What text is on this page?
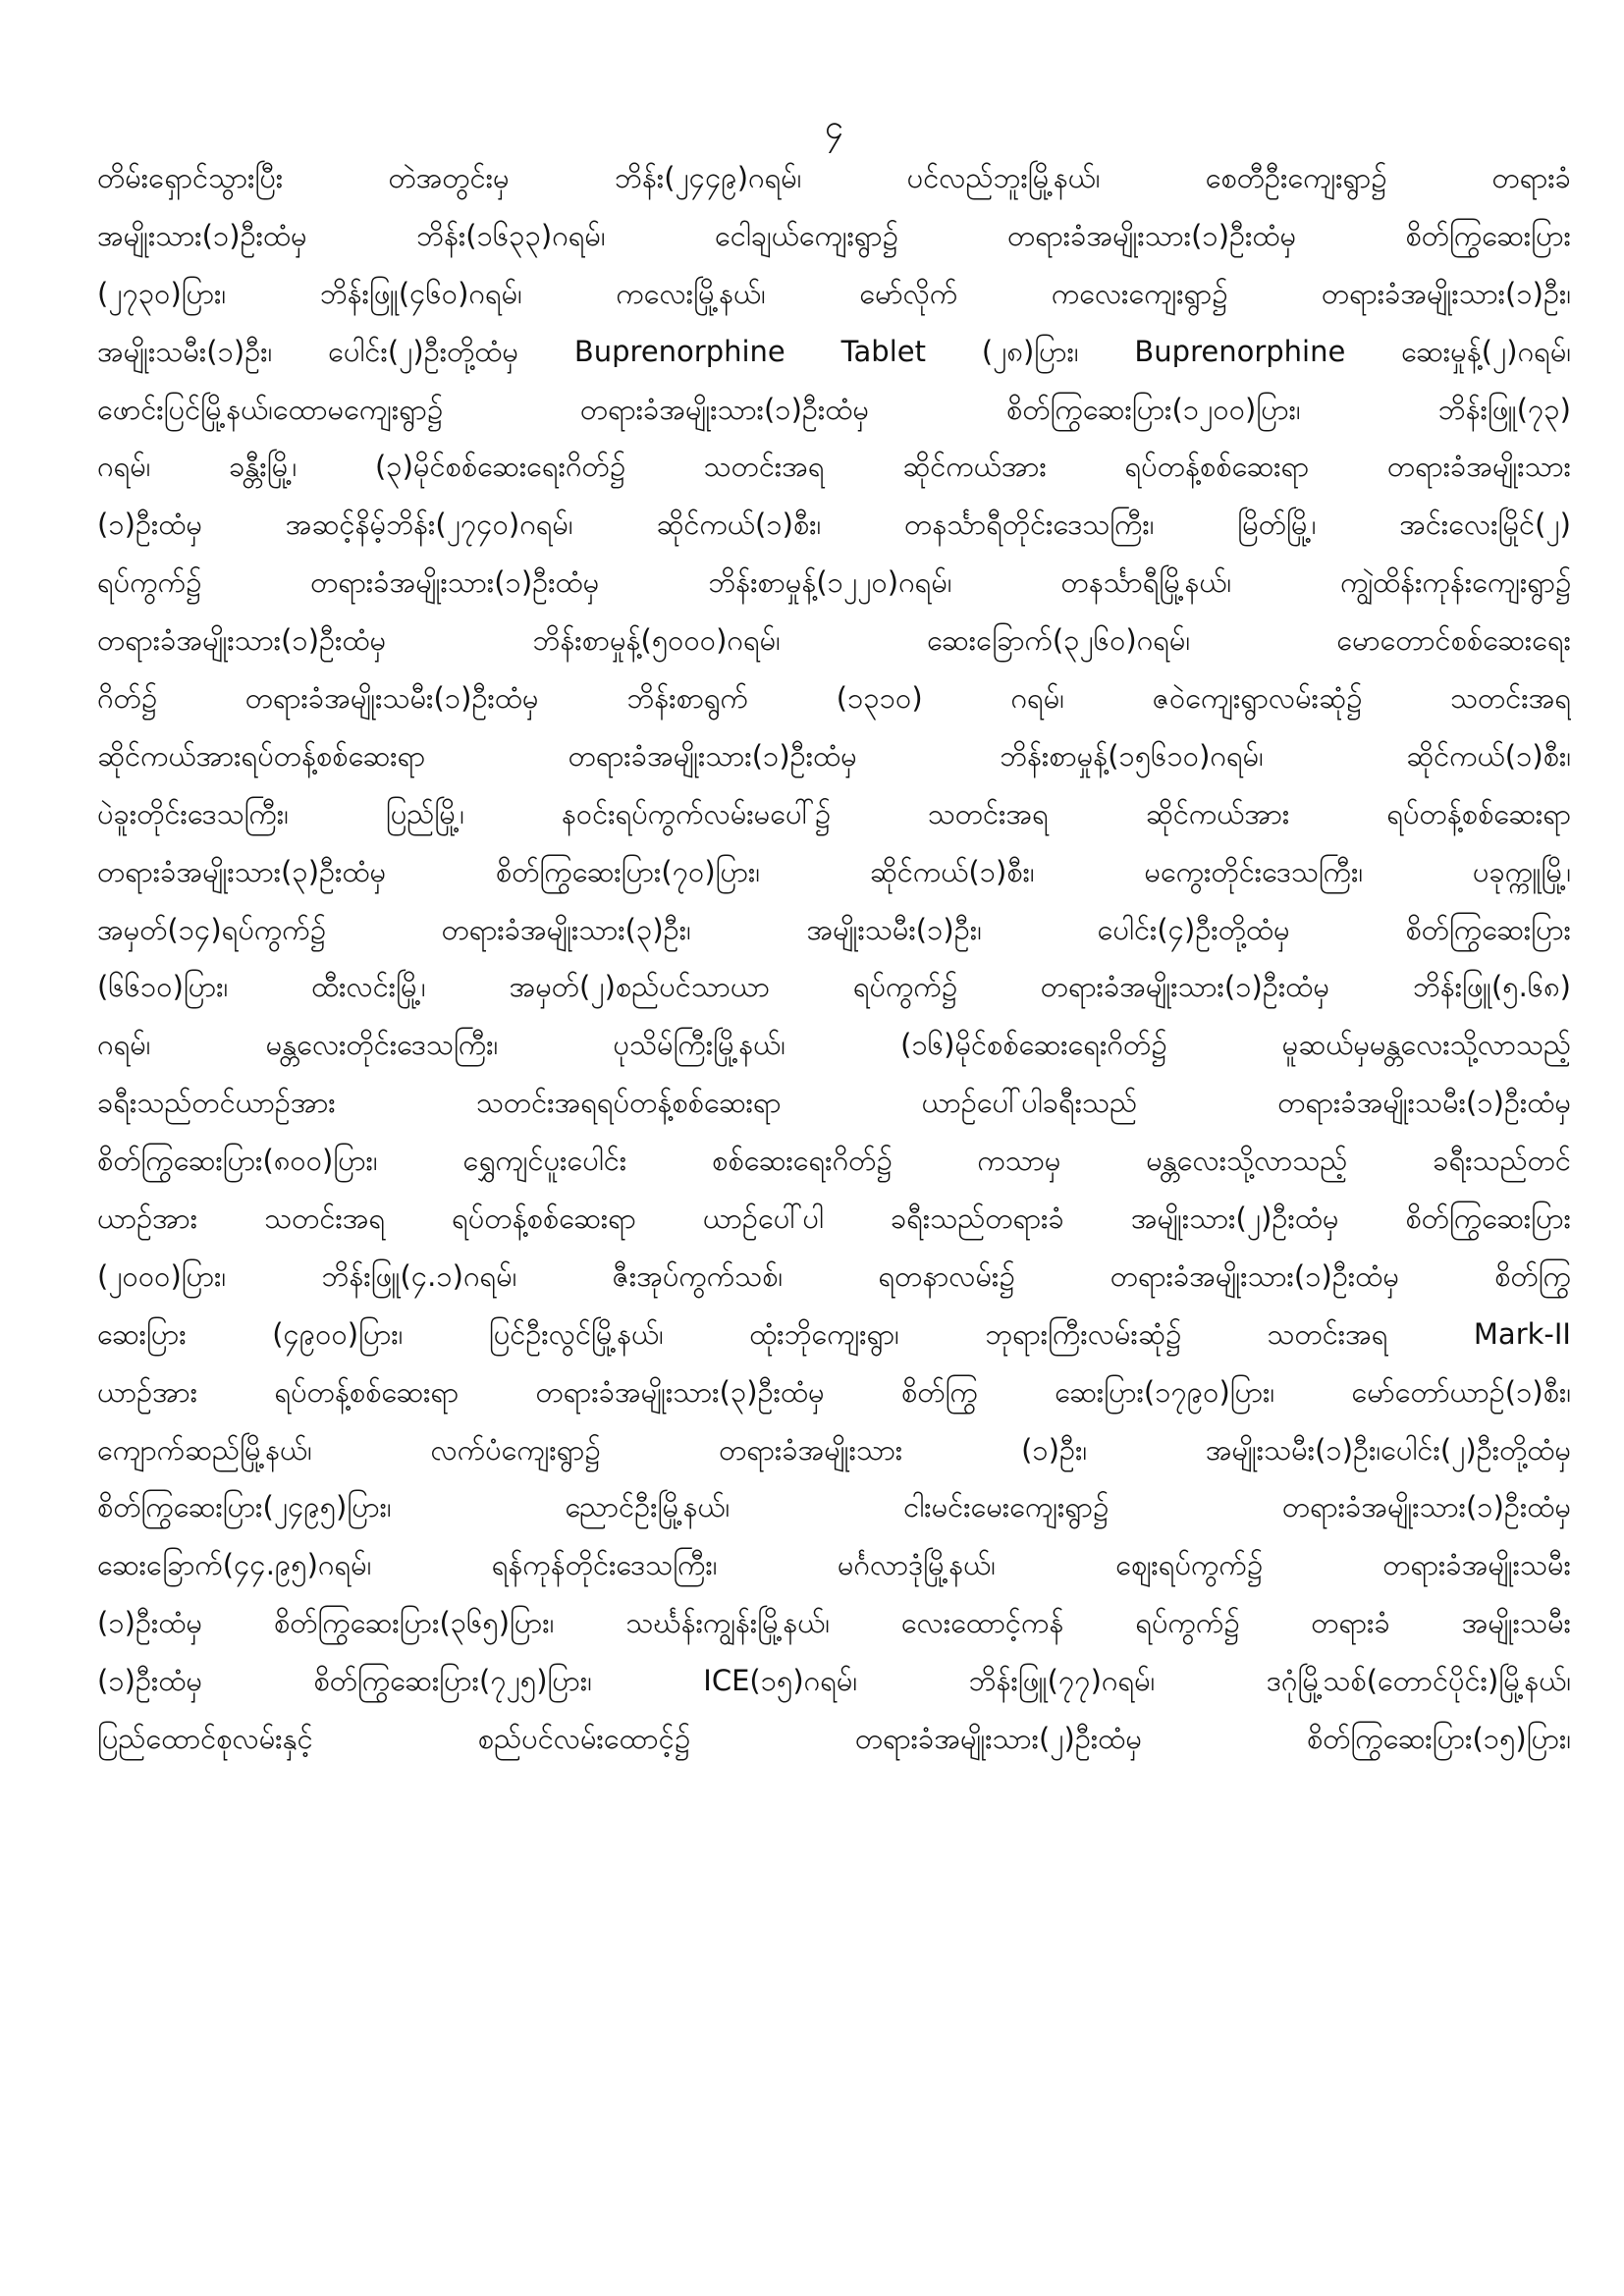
၄
တိမ်းရှောင်သွားပြီး တဲအတွင်းမှ ဘိန်း(၂၄၄၉)ဂရမ်၊ ပင်လည်ဘူးမြို့နယ်၊ စေတီဦးကျေးရွာ၌ တရားခံ
အမျိုးသား(၁)ဦးထံမှ ဘိန်း(၁၆၃၃)ဂရမ်၊ ငေါချယ်ကျေးရွာ၌ တရားခံအမျိုးသား(၁)ဦးထံမှ စိတ်ကြွဆေးပြား
(၂၇၃၀)ပြား၊ ဘိန်းဖြူ(၄၆၀)ဂရမ်၊ ကလေးမြို့နယ်၊ မော်လိုက် ကလေးကျေးရွာ၌ တရားခံအမျိုးသား(၁)ဦး၊
အမျိုးသမီး(၁)ဦး၊ ပေါင်း(၂)ဦးတို့ထံမှ Buprenorphine Tablet (၂၈)ပြား၊ Buprenorphine ဆေးမှုန့်(၂)ဂရမ်၊
ဖောင်းပြင်မြို့နယ်၊ထောမကျေးရွာ၌ တရားခံအမျိုးသား(၁)ဦးထံမှ စိတ်ကြွဆေးပြား(၁၂၀၀)ပြား၊ ဘိန်းဖြူ(၇၃)
ဂရမ်၊ ခန္တီးမြို့၊ (၃)မိုင်စစ်ဆေးရေးဂိတ်၌ သတင်းအရ ဆိုင်ကယ်အား ရပ်တန့်စစ်ဆေးရာ တရားခံအမျိုးသား
(၁)ဦးထံမှ အဆင့်နိမ့်ဘိန်း(၂၇၄၀)ဂရမ်၊ ဆိုင်ကယ်(၁)စီး၊ တနင်္သာရီတိုင်းဒေသကြီး၊ မြိတ်မြို့၊ အင်းလေးမြိုင်(၂)
ရပ်ကွက်၌ တရားခံအမျိုးသား(၁)ဦးထံမှ ဘိန်းစာမှုန့်(၁၂၂၀)ဂရမ်၊ တနင်္သာရီမြို့နယ်၊ ကျွဲထိန်းကုန်းကျေးရွာ၌
တရားခံအမျိုးသား(၁)ဦးထံမှ ဘိန်းစာမှုန့်(၅၀၀၀)ဂရမ်၊ ဆေးခြောက်(၃၂၆၀)ဂရမ်၊ မောတောင်စစ်ဆေးရေး
ဂိတ်၌ တရားခံအမျိုးသမီး(၁)ဦးထံမှ ဘိန်းစာရွက် (၁၃၁၀) ဂရမ်၊ ဇဝဲကျေးရွာလမ်းဆုံ၌ သတင်းအရ
ဆိုင်ကယ်အားရပ်တန့်စစ်ဆေးရာ တရားခံအမျိုးသား(၁)ဦးထံမှ ဘိန်းစာမှုန့်(၁၅၆၁၀)ဂရမ်၊ ဆိုင်ကယ်(၁)စီး၊
ပဲခူးတိုင်းဒေသကြီး၊ ပြည်မြို့၊ နဝင်းရပ်ကွက်လမ်းမပေါ်၌ သတင်းအရ ဆိုင်ကယ်အား ရပ်တန့်စစ်ဆေးရာ
တရားခံအမျိုးသား(၃)ဦးထံမှ စိတ်ကြွဆေးပြား(၇၀)ပြား၊ ဆိုင်ကယ်(၁)စီး၊ မကွေးတိုင်းဒေသကြီး၊ ပခုက္ကူမြို့၊
အမှတ်(၁၄)ရပ်ကွက်၌ တရားခံအမျိုးသား(၃)ဦး၊ အမျိုးသမီး(၁)ဦး၊ ပေါင်း(၄)ဦးတို့ထံမှ စိတ်ကြွဆေးပြား
(၆၆၁၀)ပြား၊ ထီးလင်းမြို့၊ အမှတ်(၂)စည်ပင်သာယာ ရပ်ကွက်၌ တရားခံအမျိုးသား(၁)ဦးထံမှ ဘိန်းဖြူ(၅.၆၈)
ဂရမ်၊ မန္တလေးတိုင်းဒေသကြီး၊ ပုသိမ်ကြီးမြို့နယ်၊ (၁၆)မိုင်စစ်ဆေးရေးဂိတ်၌ မူဆယ်မှမန္တလေးသို့လာသည့်
ခရီးသည်တင်ယာဉ်အား သတင်းအရရပ်တန့်စစ်ဆေးရာ ယာဉ်ပေါ်ပါခရီးသည် တရားခံအမျိုးသမီး(၁)ဦးထံမှ
စိတ်ကြွဆေးပြား(၈၀၀)ပြား၊ ရွှေကျင်ပူးပေါင်း စစ်ဆေးရေးဂိတ်၌ ကသာမှ မန္တလေးသို့လာသည့် ခရီးသည်တင်
ယာဉ်အား သတင်းအရ ရပ်တန့်စစ်ဆေးရာ ယာဉ်ပေါ်ပါ ခရီးသည်တရားခံ အမျိုးသား(၂)ဦးထံမှ စိတ်ကြွဆေးပြား
(၂၀၀၀)ပြား၊ ဘိန်းဖြူ(၄.၁)ဂရမ်၊ ဇီးအုပ်ကွက်သစ်၊ ရတနာလမ်း၌ တရားခံအမျိုးသား(၁)ဦးထံမှ စိတ်ကြွ
ဆေးပြား (၄၉၀၀)ပြား၊ ပြင်ဦးလွင်မြို့နယ်၊ ထုံးဘိုကျေးရွာ၊ ဘုရားကြီးလမ်းဆုံ၌ သတင်းအရ Mark-II
ယာဉ်အား ရပ်တန့်စစ်ဆေးရာ တရားခံအမျိုးသား(၃)ဦးထံမှ စိတ်ကြွ ဆေးပြား(၁၇၉၀)ပြား၊ မော်တော်ယာဉ်(၁)စီး၊
ကျောက်ဆည်မြို့နယ်၊ လက်ပံကျေးရွာ၌ တရားခံအမျိုးသား (၁)ဦး၊ အမျိုးသမီး(၁)ဦး၊ပေါင်း(၂)ဦးတို့ထံမှ
စိတ်ကြွဆေးပြား(၂၄၉၅)ပြား၊ ညောင်ဦးမြို့နယ်၊ ငါးမင်းမေးကျေးရွာ၌ တရားခံအမျိုးသား(၁)ဦးထံမှ
ဆေးခြောက်(၄၄.၉၅)ဂရမ်၊ ရန်ကုန်တိုင်းဒေသကြီး၊ မင်္ဂလာဒုံမြို့နယ်၊ ဈေးရပ်ကွက်၌ တရားခံအမျိုးသမီး
(၁)ဦးထံမှ စိတ်ကြွဆေးပြား(၃၆၅)ပြား၊ သင်္ဃန်းကျွန်းမြို့နယ်၊ လေးထောင့်ကန် ရပ်ကွက်၌ တရားခံ အမျိုးသမီး
(၁)ဦးထံမှ စိတ်ကြွဆေးပြား(၇၂၅)ပြား၊ ICE(၁၅)ဂရမ်၊ ဘိန်းဖြူ(၇၇)ဂရမ်၊ ဒဂုံမြို့သစ်(တောင်ပိုင်း)မြို့နယ်၊
ပြည်ထောင်စုလမ်းနှင့် စည်ပင်လမ်းထောင့်၌ တရားခံအမျိုးသား(၂)ဦးထံမှ စိတ်ကြွဆေးပြား(၁၅)ပြား၊
